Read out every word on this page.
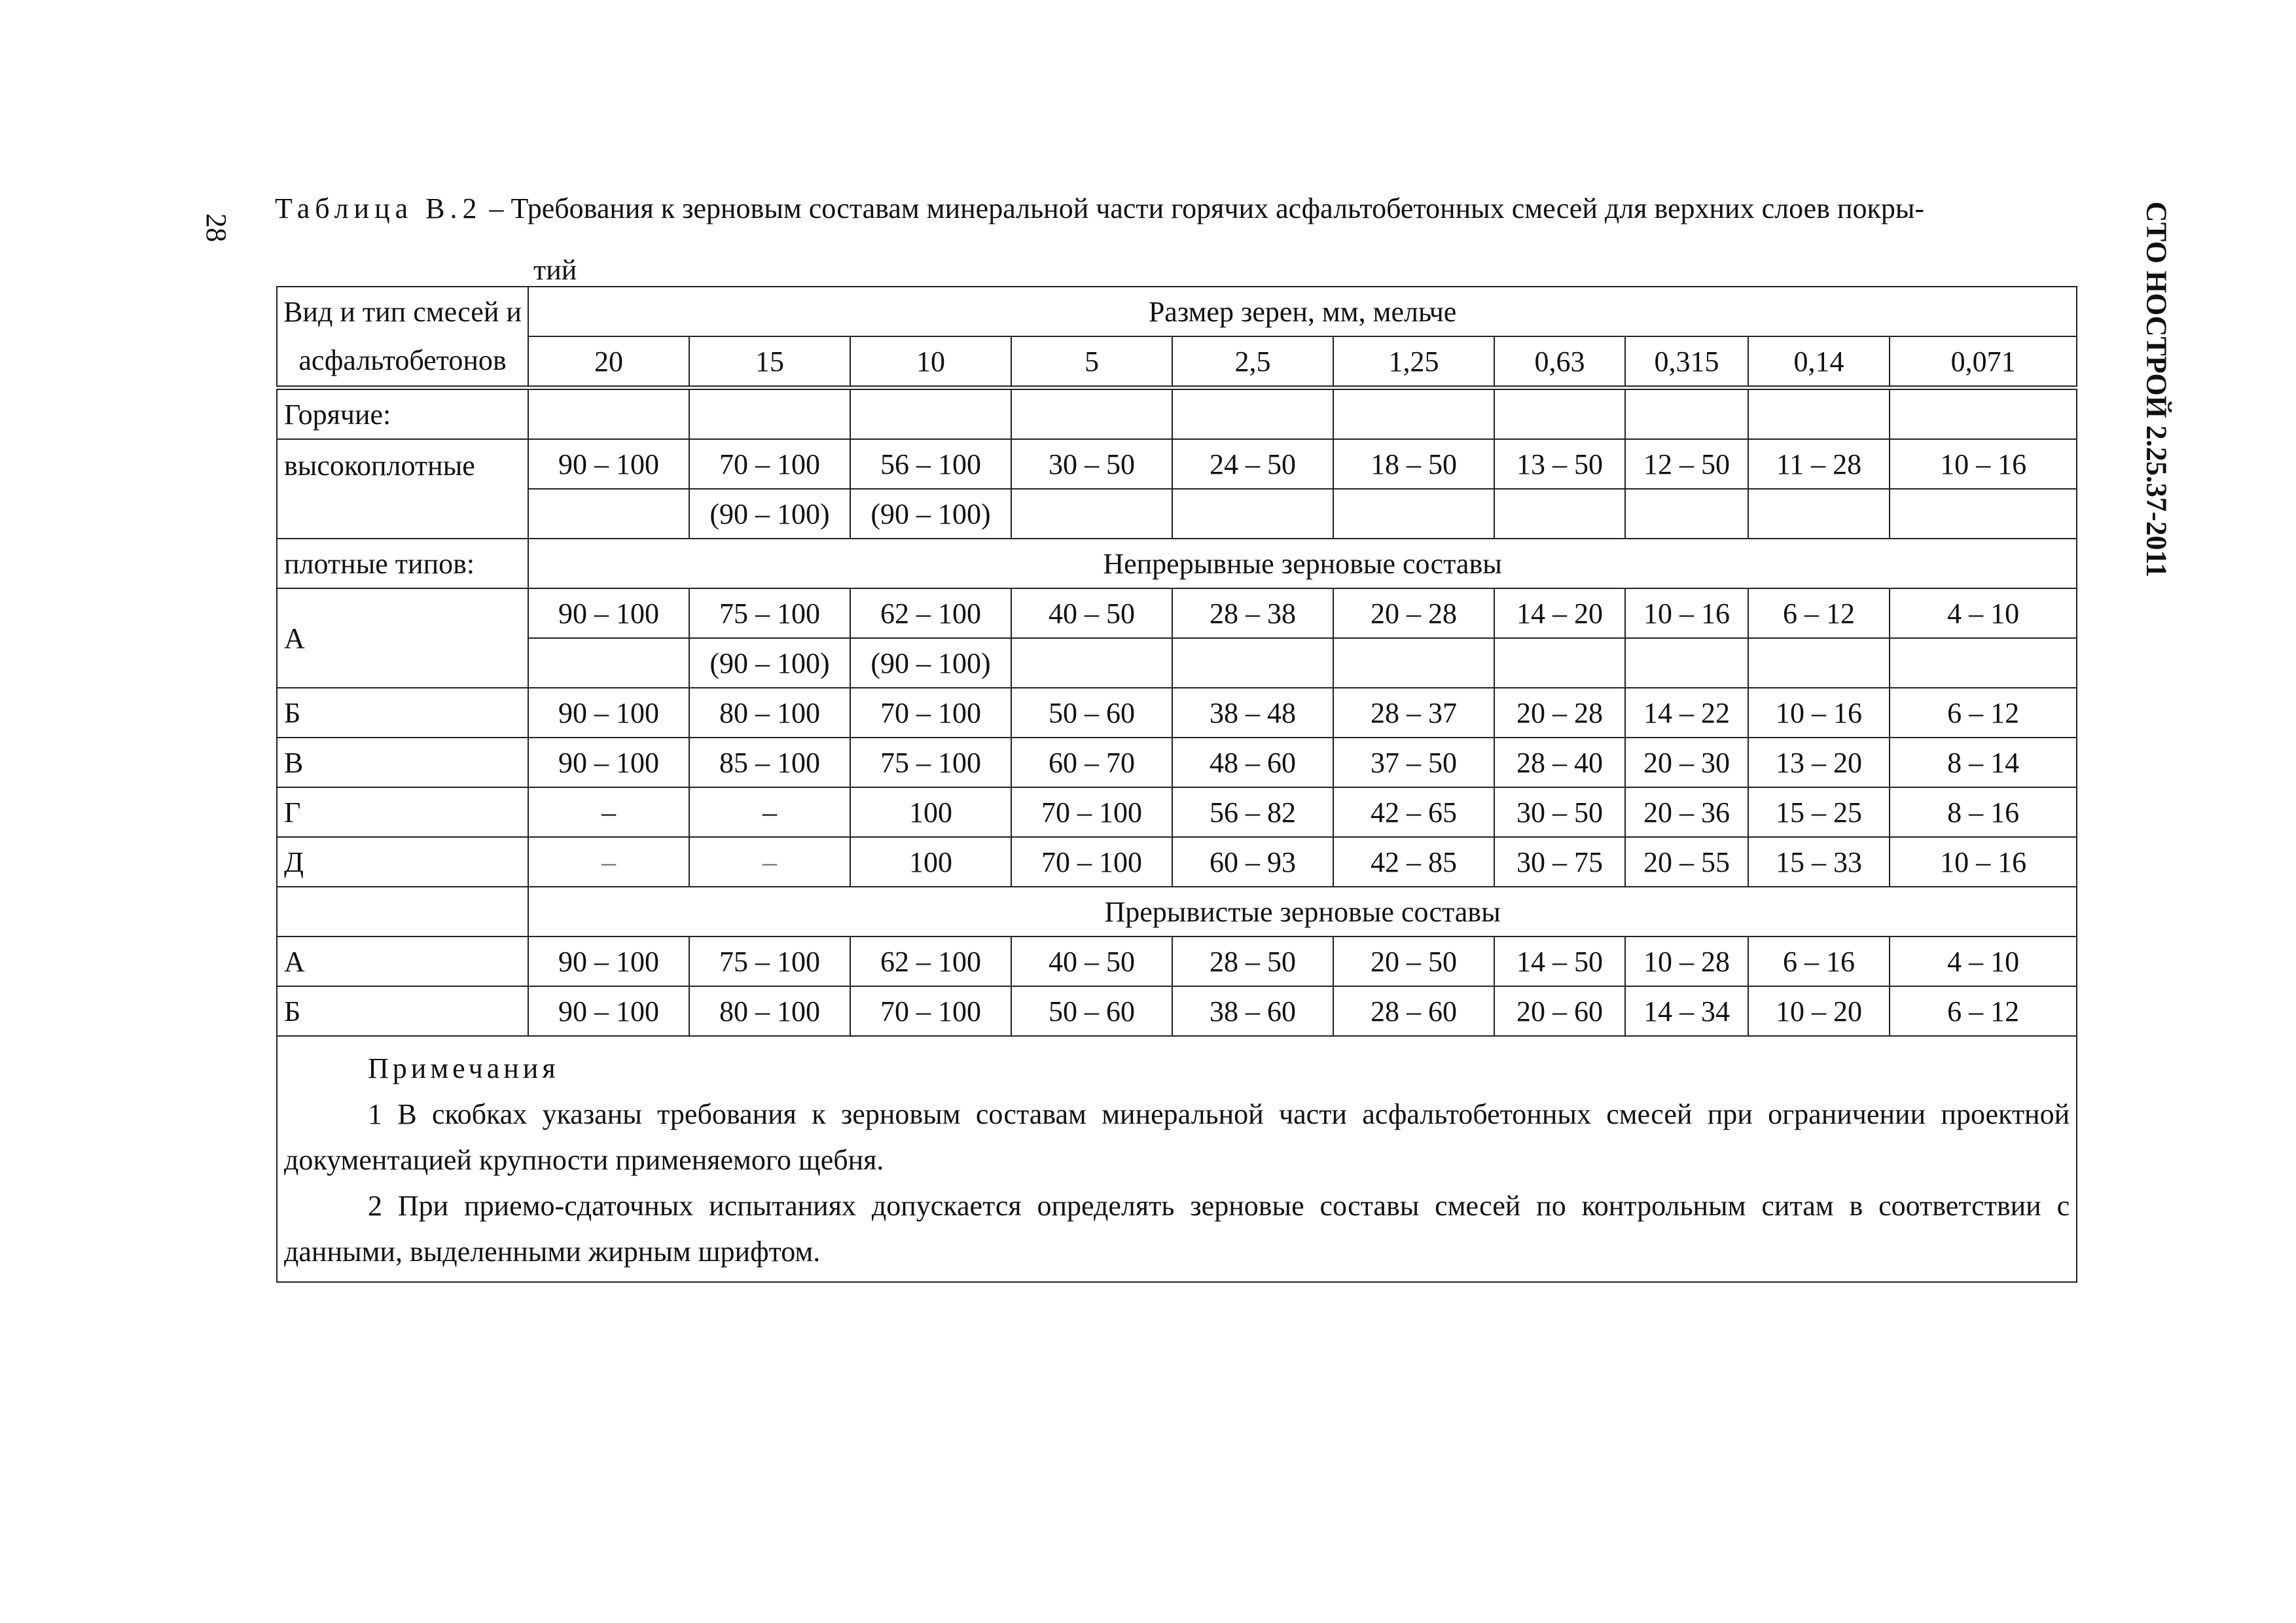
28	СТО НОСТРОЙ 2.25.37-2011
Таблица В.2 – Требования к зерновым составам минеральной части горячих асфальтобетонных смесей для верхних слоев покры-
тий
Вид и тип смесей и асфальтобетонов	Размер зерен, мм, мельче									
	20	15	10	5	2,5	1,25	0,63	0,315	0,14	0,071
Горячие:										
высокоплотные	90 – 100	70 – 100	56 – 100	30 – 50	24 – 50	18 – 50	13 – 50	12 – 50	11 – 28	10 – 16
		(90 – 100)	(90 – 100)							
плотные типов:	Непрерывные зерновые составы									
А	90 – 100	75 – 100	62 – 100	40 – 50	28 – 38	20 – 28	14 – 20	10 – 16	6 – 12	4 – 10
		(90 – 100)	(90 – 100)							
Б	90 – 100	80 – 100	70 – 100	50 – 60	38 – 48	28 – 37	20 – 28	14 – 22	10 – 16	6 – 12
В	90 – 100	85 – 100	75 – 100	60 – 70	48 – 60	37 – 50	28 – 40	20 – 30	13 – 20	8 – 14
Г	–	–	100	70 – 100	56 – 82	42 – 65	30 – 50	20 – 36	15 – 25	8 – 16
Д	–	–	100	70 – 100	60 – 93	42 – 85	30 – 75	20 – 55	15 – 33	10 – 16
	Прерывистые зерновые составы									
А	90 – 100	75 – 100	62 – 100	40 – 50	28 – 50	20 – 50	14 – 50	10 – 28	6 – 16	4 – 10
Б	90 – 100	80 – 100	70 – 100	50 – 60	38 – 60	28 – 60	20 – 60	14 – 34	10 – 20	6 – 12

Примечания
1 В скобках указаны требования к зерновым составам минеральной части асфальтобетонных смесей при ограничении проектной документацией крупности применяемого щебня.
2 При приемо-сдаточных испытаниях допускается определять зерновые составы смесей по контрольным ситам в соответствии с данными, выделенными жирным шрифтом.										
